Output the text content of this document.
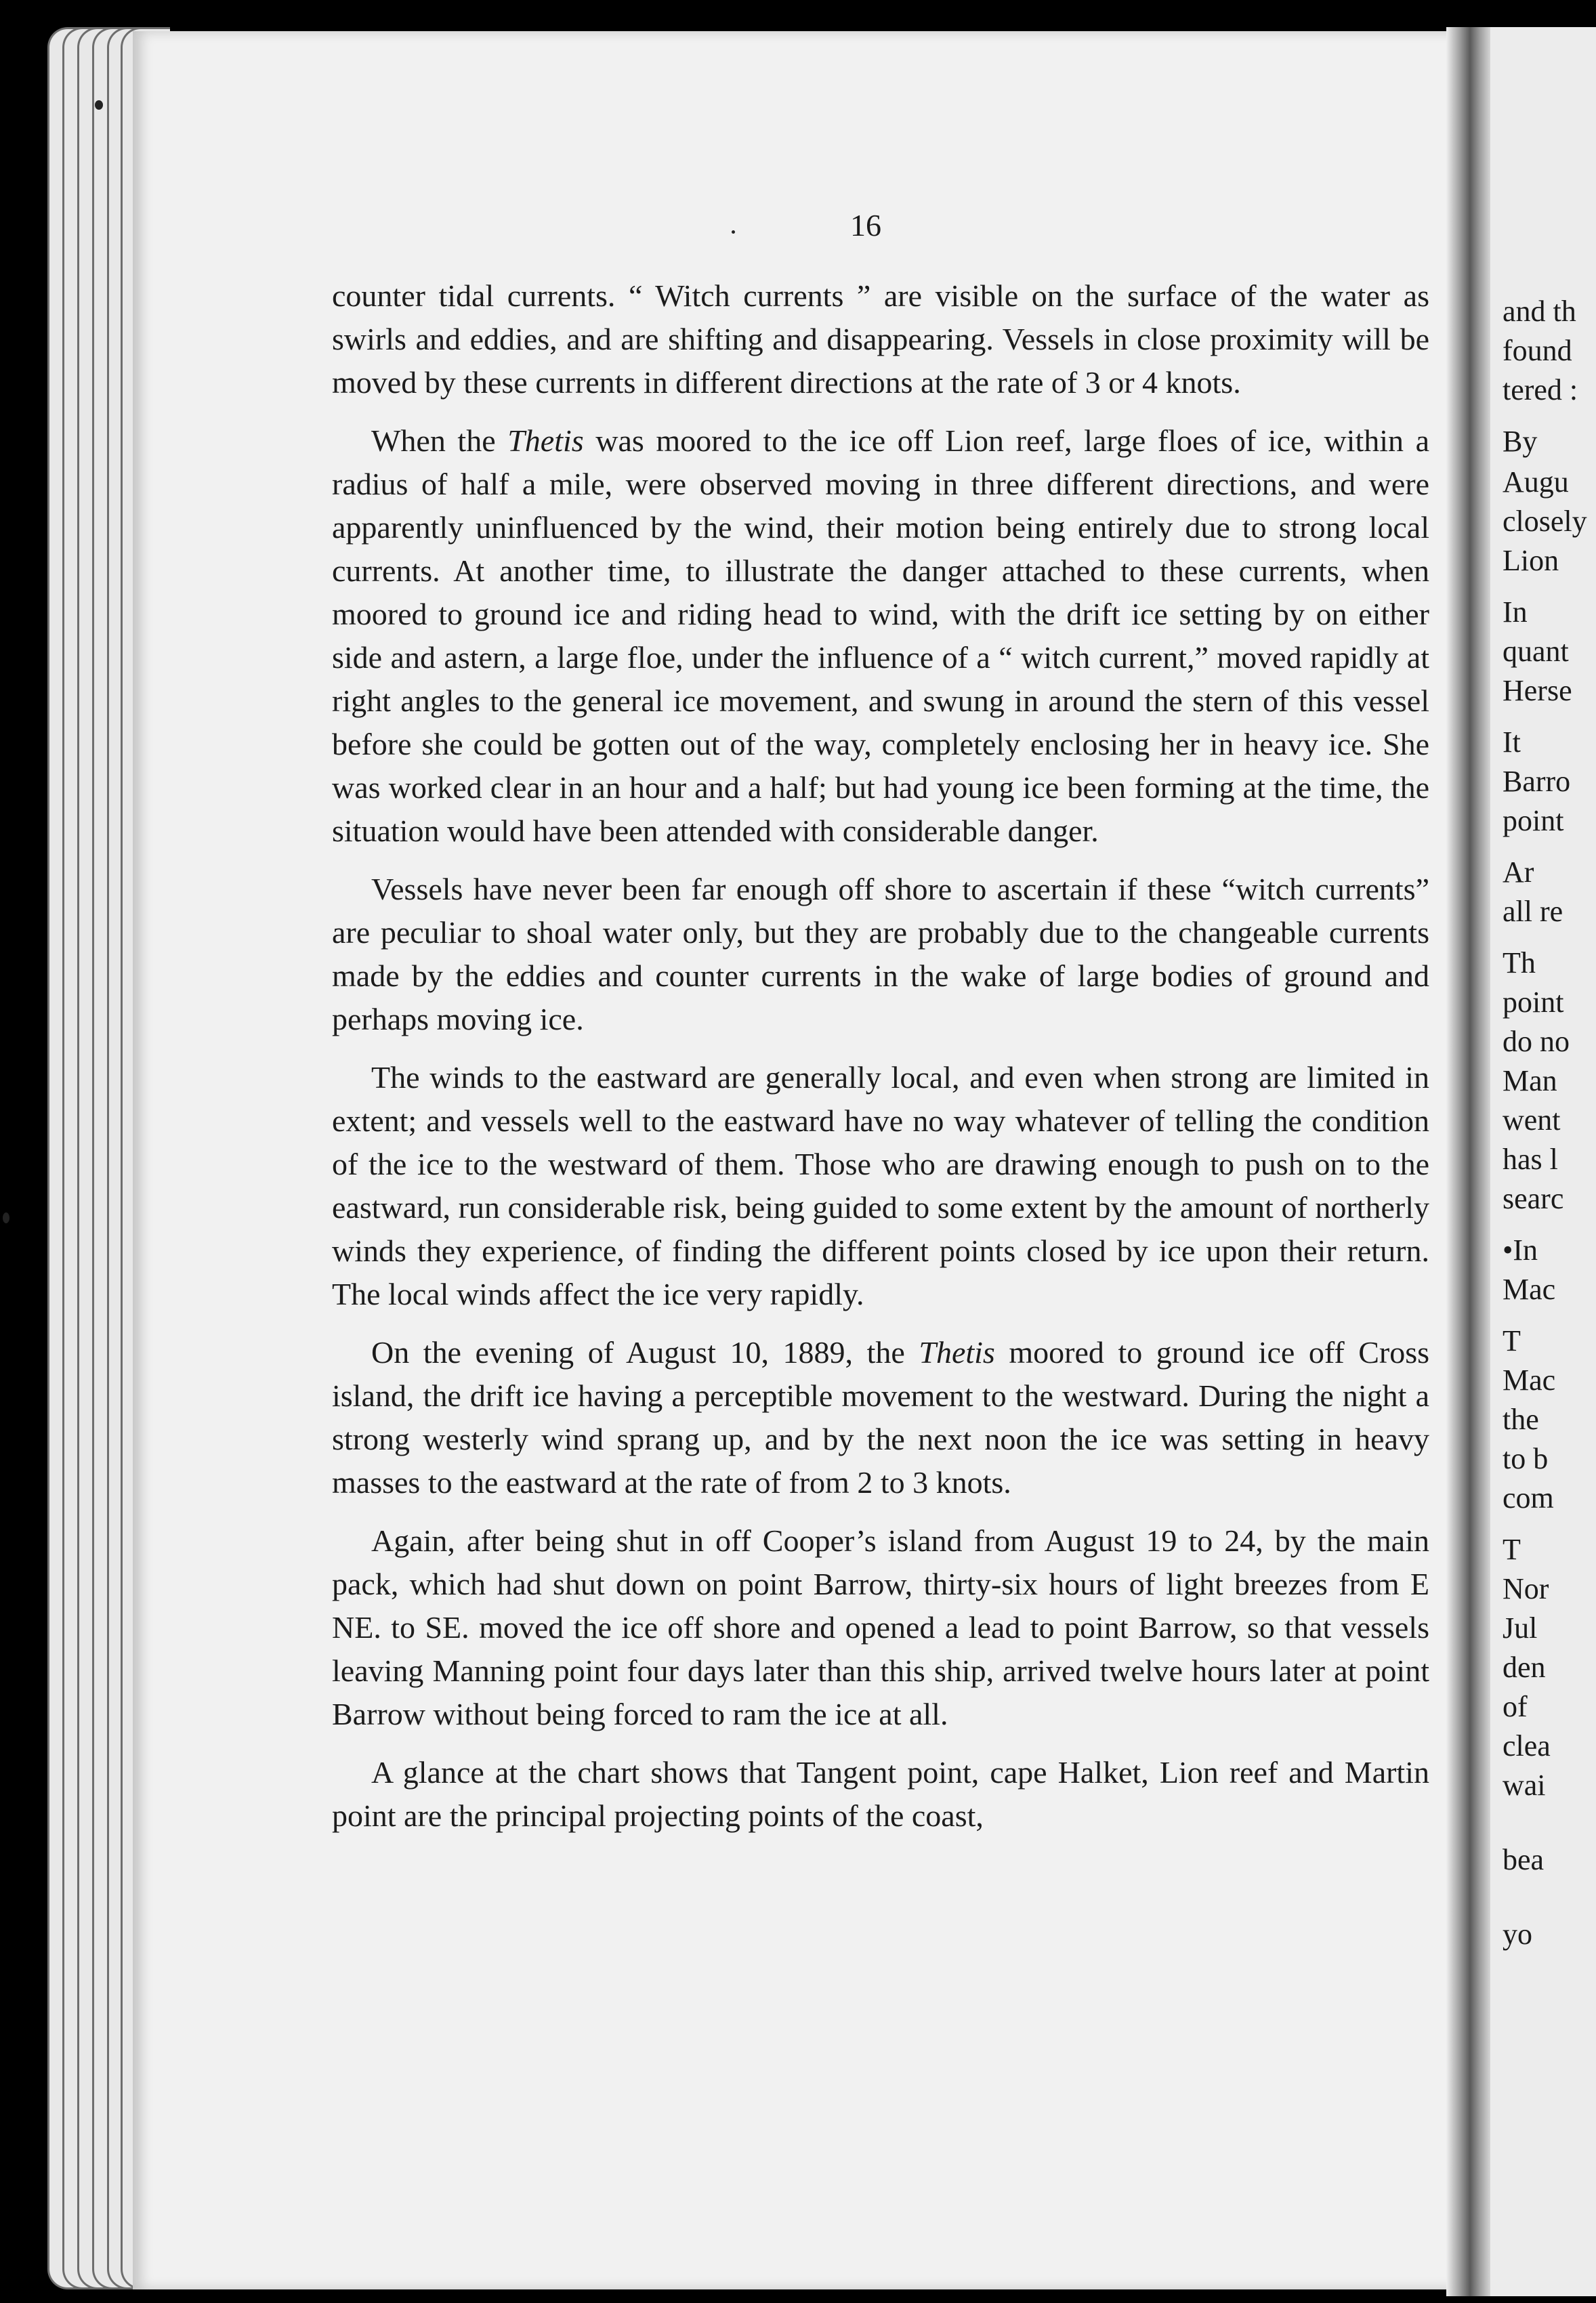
16

counter tidal currents. “ Witch currents ” are visible on the surface of the water as swirls and eddies, and are shifting and disappearing. Vessels in close proximity will be moved by these currents in different directions at the rate of 3 or 4 knots.

When the Thetis was moored to the ice off Lion reef, large floes of ice, within a radius of half a mile, were observed moving in three different directions, and were apparently uninfluenced by the wind, their motion being entirely due to strong local currents. At another time, to illustrate the danger attached to these currents, when moored to ground ice and riding head to wind, with the drift ice setting by on either side and astern, a large floe, under the influence of a “ witch current,” moved rapidly at right angles to the general ice movement, and swung in around the stern of this vessel before she could be gotten out of the way, completely enclosing her in heavy ice. She was worked clear in an hour and a half; but had young ice been forming at the time, the situation would have been attended with considerable danger.

Vessels have never been far enough off shore to ascertain if these “witch currents” are peculiar to shoal water only, but they are probably due to the changeable currents made by the eddies and counter currents in the wake of large bodies of ground and perhaps moving ice.

The winds to the eastward are generally local, and even when strong are limited in extent; and vessels well to the eastward have no way whatever of telling the condition of the ice to the westward of them. Those who are drawing enough to push on to the eastward, run considerable risk, being guided to some extent by the amount of northerly winds they experience, of finding the different points closed by ice upon their return. The local winds affect the ice very rapidly.

On the evening of August 10, 1889, the Thetis moored to ground ice off Cross island, the drift ice having a perceptible movement to the westward. During the night a strong westerly wind sprang up, and by the next noon the ice was setting in heavy masses to the eastward at the rate of from 2 to 3 knots.

Again, after being shut in off Cooper’s island from August 19 to 24, by the main pack, which had shut down on point Barrow, thirty-six hours of light breezes from E NE. to SE. moved the ice off shore and opened a lead to point Barrow, so that vessels leaving Manning point four days later than this ship, arrived twelve hours later at point Barrow without being forced to ram the ice at all.

A glance at the chart shows that Tangent point, cape Halket, Lion reef and Martin point are the principal projecting points of the coast,

and th
found
tered :
By
Augu
closely
Lion
In
quant
Herse
It
Barro
point
Ar
all re
Th
point
do no
Man
went
has l
searc
•In
Mac
T
Mac
the
to b
com
T
Nor
Jul
den
of
clea
wai
bea
yo
